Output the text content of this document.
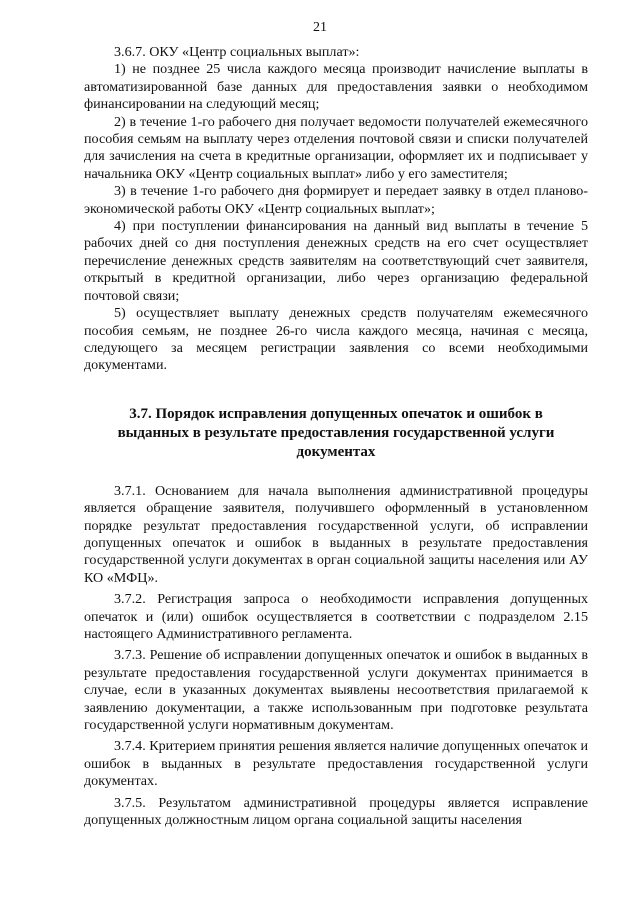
21

3.6.7. ОКУ «Центр социальных выплат»:

1) не позднее 25 числа каждого месяца производит начисление выплаты в автоматизированной базе данных для предоставления заявки о необходимом финансировании на следующий месяц;

2) в течение 1-го рабочего дня получает ведомости получателей ежемесячного пособия семьям на выплату через отделения почтовой связи и списки получателей для зачисления на счета в кредитные организации, оформляет их и подписывает у начальника ОКУ «Центр социальных выплат» либо у его заместителя;

3) в течение 1-го рабочего дня формирует и передает заявку в отдел планово-экономической работы ОКУ «Центр социальных выплат»;

4) при поступлении финансирования на данный вид выплаты в течение 5 рабочих дней со дня поступления денежных средств на его счет осуществляет перечисление денежных средств заявителям на соответствующий счет заявителя, открытый в кредитной организации, либо через организацию федеральной почтовой связи;

5) осуществляет выплату денежных средств получателям ежемесячного пособия семьям, не позднее 26-го числа каждого месяца, начиная с месяца, следующего за месяцем регистрации заявления со всеми необходимыми документами.

3.7. Порядок исправления допущенных опечаток и ошибок в выданных в результате предоставления государственной услуги документах

3.7.1. Основанием для начала выполнения административной процедуры является обращение заявителя, получившего оформленный в установленном порядке результат предоставления государственной услуги, об исправлении допущенных опечаток и ошибок в выданных в результате предоставления государственной услуги документах в орган социальной защиты населения или АУ КО «МФЦ».

3.7.2. Регистрация запроса о необходимости исправления допущенных опечаток и (или) ошибок осуществляется в соответствии с подразделом 2.15 настоящего Административного регламента.

3.7.3. Решение об исправлении допущенных опечаток и ошибок в выданных в результате предоставления государственной услуги документах принимается в случае, если в указанных документах выявлены несоответствия прилагаемой к заявлению документации, а также использованным при подготовке результата государственной услуги нормативным документам.

3.7.4. Критерием принятия решения является наличие допущенных опечаток и ошибок в выданных в результате предоставления государственной услуги документах.

3.7.5. Результатом административной процедуры является исправление допущенных должностным лицом органа социальной защиты населения
